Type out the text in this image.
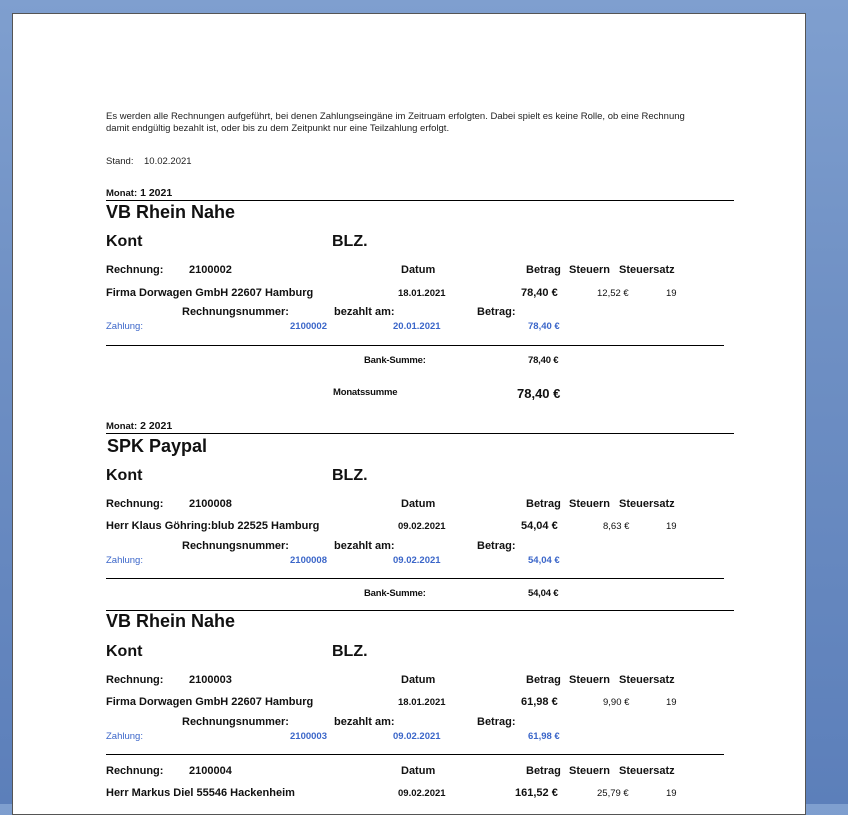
Es werden alle Rechnungen aufgeführt, bei denen Zahlungseingäne im Zeitruam erfolgten. Dabei spielt es keine Rolle, ob eine Rechnung damit endgültig bezahlt ist, oder bis zu dem Zeitpunkt nur eine Teilzahlung erfolgt.
Stand: 10.02.2021
Monat: 1 2021
VB Rhein Nahe
Kont	BLZ.
Rechnung: 2100002	Datum	Betrag Steuern Steuersatz
Firma Dorwagen GmbH 22607 Hamburg	18.01.2021	78,40 €	12,52 €	19
Rechnungsnummer:	bezahlt am:	Betrag:
Zahlung:	2100002	20.01.2021	78,40 €
Bank-Summe:	78,40 €
Monatssumme	78,40 €
Monat: 2 2021
SPK Paypal
Kont	BLZ.
Rechnung: 2100008	Datum	Betrag Steuern Steuersatz
Herr Klaus Göhring:blub 22525 Hamburg	09.02.2021	54,04 €	8,63 €	19
Rechnungsnummer:	bezahlt am:	Betrag:
Zahlung:	2100008	09.02.2021	54,04 €
Bank-Summe:	54,04 €
VB Rhein Nahe
Kont	BLZ.
Rechnung: 2100003	Datum	Betrag Steuern Steuersatz
Firma Dorwagen GmbH 22607 Hamburg	18.01.2021	61,98 €	9,90 €	19
Rechnungsnummer:	bezahlt am:	Betrag:
Zahlung:	2100003	09.02.2021	61,98 €
Rechnung: 2100004	Datum	Betrag Steuern Steuersatz
Herr Markus Diel 55546 Hackenheim	09.02.2021	161,52 €	25,79 €	19
